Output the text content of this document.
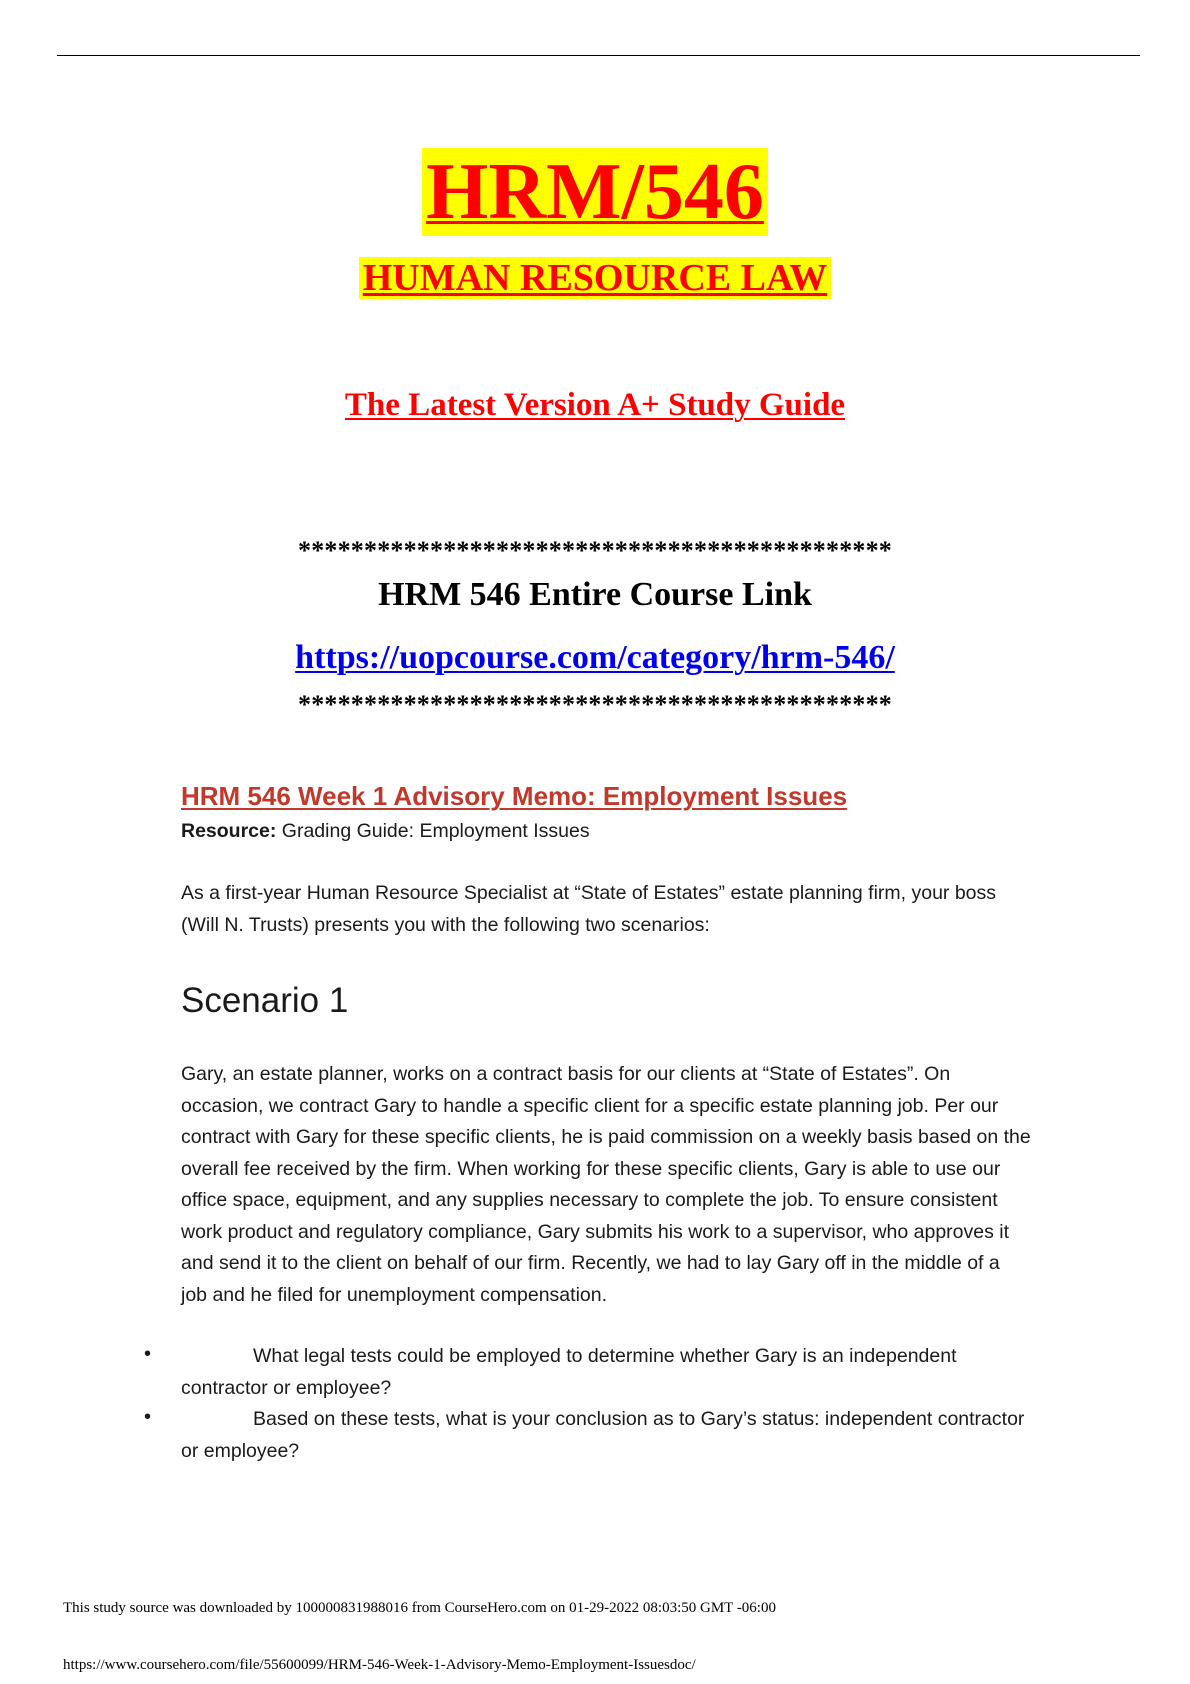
HRM/546
HUMAN RESOURCE LAW
The Latest Version A+ Study Guide
*********************************************
HRM 546 Entire Course Link
https://uopcourse.com/category/hrm-546/
*********************************************
HRM 546 Week 1 Advisory Memo: Employment Issues
Resource: Grading Guide: Employment Issues
As a first-year Human Resource Specialist at “State of Estates” estate planning firm, your boss (Will N. Trusts) presents you with the following two scenarios:
Scenario 1
Gary, an estate planner, works on a contract basis for our clients at “State of Estates”. On occasion, we contract Gary to handle a specific client for a specific estate planning job. Per our contract with Gary for these specific clients, he is paid commission on a weekly basis based on the overall fee received by the firm. When working for these specific clients, Gary is able to use our office space, equipment, and any supplies necessary to complete the job. To ensure consistent work product and regulatory compliance, Gary submits his work to a supervisor, who approves it and send it to the client on behalf of our firm. Recently, we had to lay Gary off in the middle of a job and he filed for unemployment compensation.
•	What legal tests could be employed to determine whether Gary is an independent contractor or employee?
•	Based on these tests, what is your conclusion as to Gary’s status: independent contractor or employee?
This study source was downloaded by 100000831988016 from CourseHero.com on 01-29-2022 08:03:50 GMT -06:00
https://www.coursehero.com/file/55600099/HRM-546-Week-1-Advisory-Memo-Employment-Issuesdoc/
